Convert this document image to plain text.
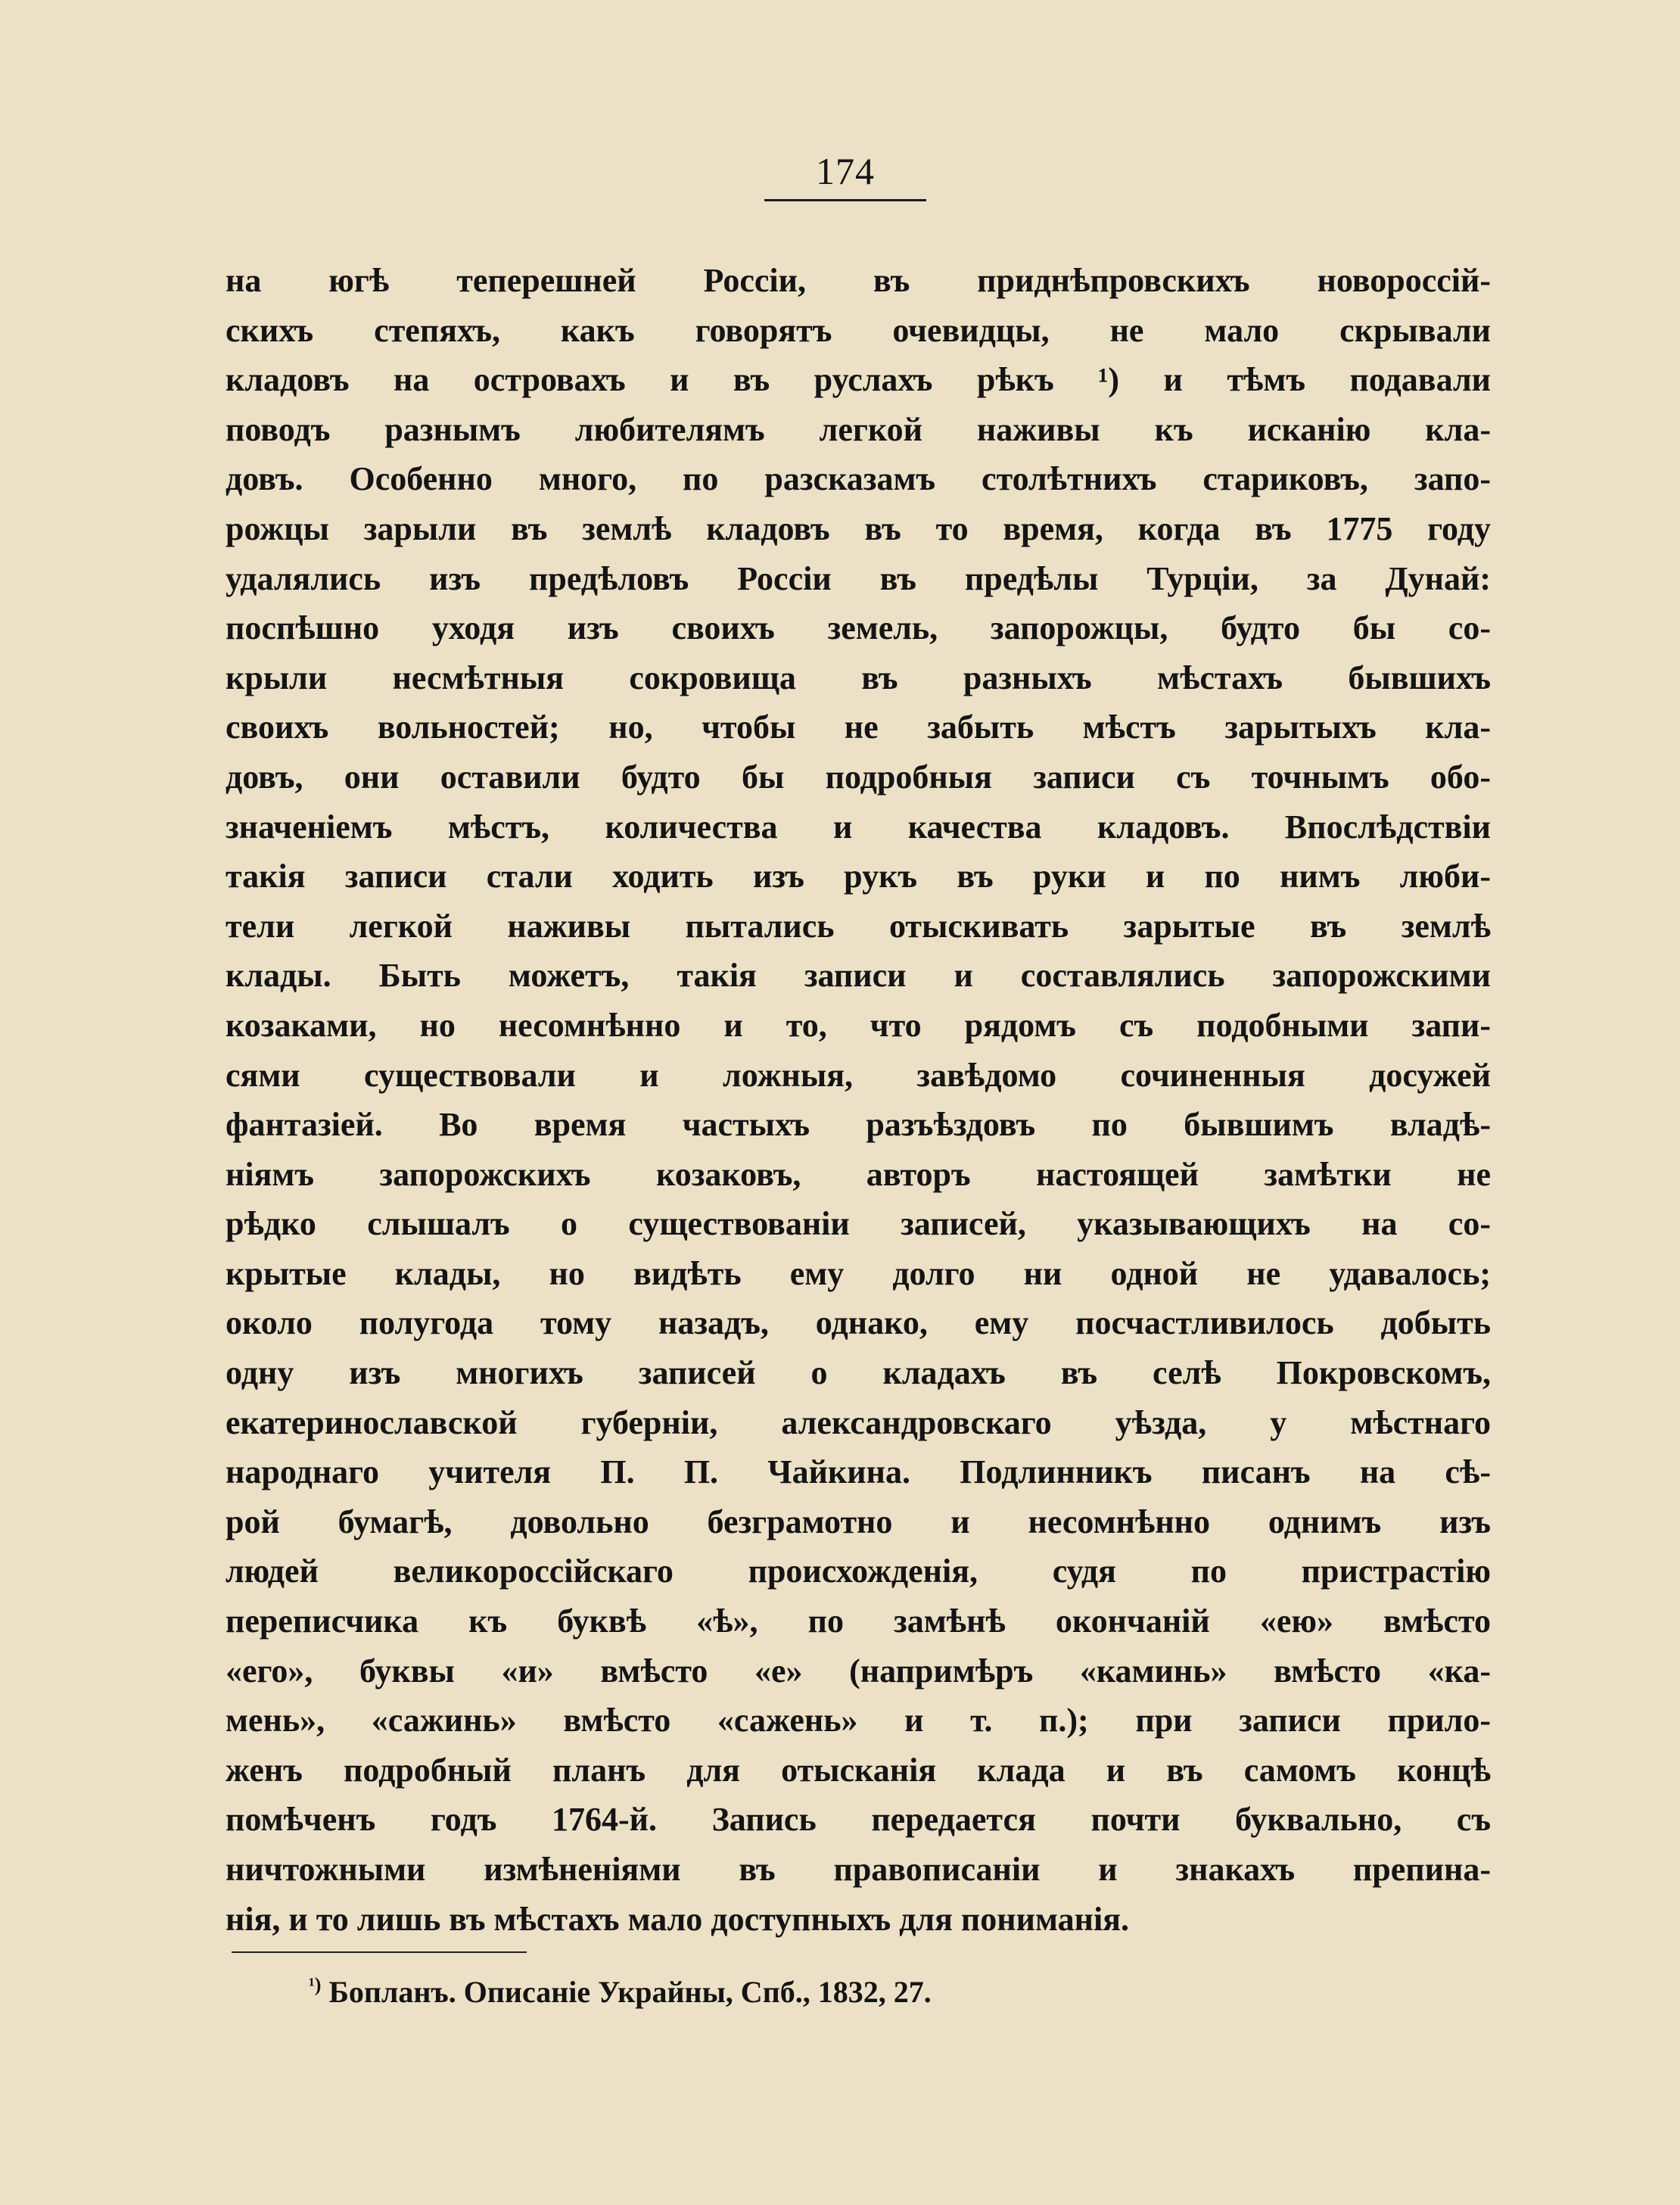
174
на югѣ теперешней Россіи, въ приднѣпровскихъ новороссiй-
скихъ степяхъ, какъ говорятъ очевидцы, не мало скрывали
кладовъ на островахъ и въ руслахъ рѣкъ ¹) и тѣмъ подавали
поводъ разнымъ любителямъ легкой наживы къ исканiю кла-
довъ. Особенно много, по разсказамъ столѣтнихъ стариковъ, запо-
рожцы зарыли въ землѣ кладовъ въ то время, когда въ 1775 году
удалялись изъ предѣловъ Россіи въ предѣлы Турціи, за Дунай:
поспѣшно уходя изъ своихъ земель, запорожцы, будто бы со-
крыли несмѣтныя сокровища въ разныхъ мѣстахъ бывшихъ
своихъ вольностей; но, чтобы не забыть мѣстъ зарытыхъ кла-
довъ, они оставили будто бы подробныя записи съ точнымъ обо-
значеніемъ мѣстъ, количества и качества кладовъ. Впослѣдствіи
такія записи стали ходить изъ рукъ въ руки и по нимъ люби-
тели легкой наживы пытались отыскивать зарытые въ землѣ
клады. Быть можетъ, такія записи и составлялись запорожскими
козаками, но несомнѣнно и то, что рядомъ съ подобными запи-
сями существовали и ложныя, завѣдомо сочиненныя досужей
фантазіей. Во время частыхъ разъѣздовъ по бывшимъ владѣ-
ніямъ запорожскихъ козаковъ, авторъ настоящей замѣтки не
рѣдко слышалъ о существованіи записей, указывающихъ на со-
крытые клады, но видѣть ему долго ни одной не удавалось;
около полугода тому назадъ, однако, ему посчастливилось добыть
одну изъ многихъ записей о кладахъ въ селѣ Покровскомъ,
екатеринославской губерніи, александровскаго уѣзда, у мѣстнаго
народнаго учителя П. П. Чайкина. Подлинникъ писанъ на сѣ-
рой бумагѣ, довольно безграмотно и несомнѣнно однимъ изъ
людей великороссійскаго происхожденія, судя по пристрастію
переписчика къ буквѣ «ѣ», по замѣнѣ окончаній «ею» вмѣсто
«его», буквы «и» вмѣсто «е» (напримѣръ «каминь» вмѣсто «ка-
мень», «сажинь» вмѣсто «сажень» и т. п.); при записи прило-
женъ подробный планъ для отысканія клада и въ самомъ концѣ
помѣченъ годъ 1764-й. Запись передается почти буквально, съ
ничтожными измѣненіями въ правописаніи и знакахъ препина-
нія, и то лишь въ мѣстахъ мало доступныхъ для пониманія.
$^{^1)}$ Бопланъ. Описаніе Украйны, Спб., 1832, 27.
